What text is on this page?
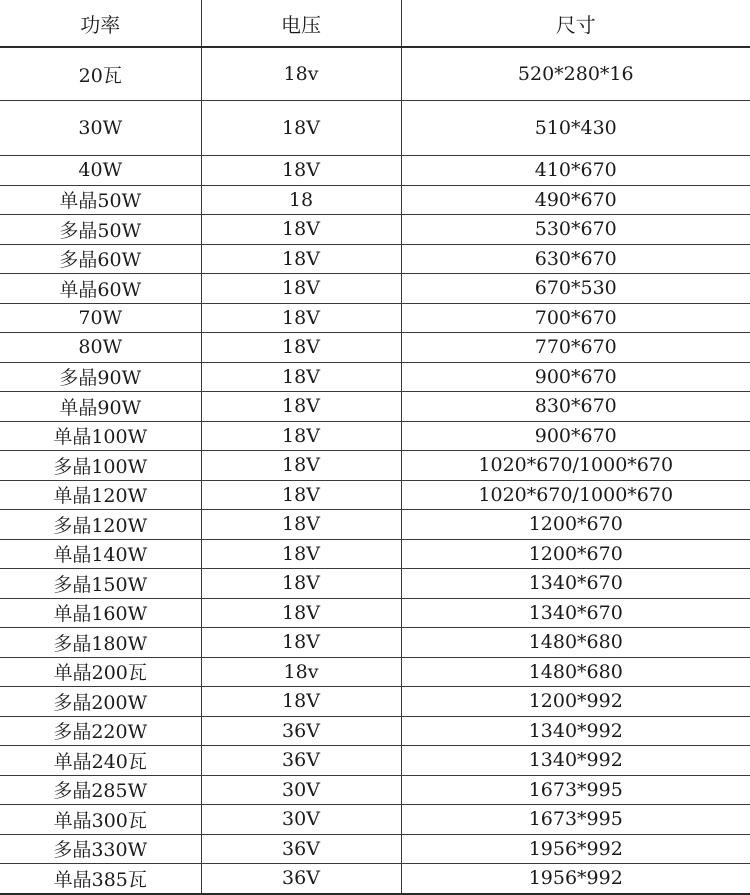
功率	电压	尺寸
20瓦	18v	520*280*16
30W	18V	510*430
40W	18V	410*670
单晶50W	18	490*670
多晶50W	18V	530*670
多晶60W	18V	630*670
单晶60W	18V	670*530
70W	18V	700*670
80W	18V	770*670
多晶90W	18V	900*670
单晶90W	18V	830*670
单晶100W	18V	900*670
多晶100W	18V	1020*670/1000*670
单晶120W	18V	1020*670/1000*670
多晶120W	18V	1200*670
单晶140W	18V	1200*670
多晶150W	18V	1340*670
单晶160W	18V	1340*670
多晶180W	18V	1480*680
单晶200瓦	18v	1480*680
多晶200W	18V	1200*992
多晶220W	36V	1340*992
单晶240瓦	36V	1340*992
多晶285W	30V	1673*995
单晶300瓦	30V	1673*995
多晶330W	36V	1956*992
单晶385瓦	36V	1956*992
